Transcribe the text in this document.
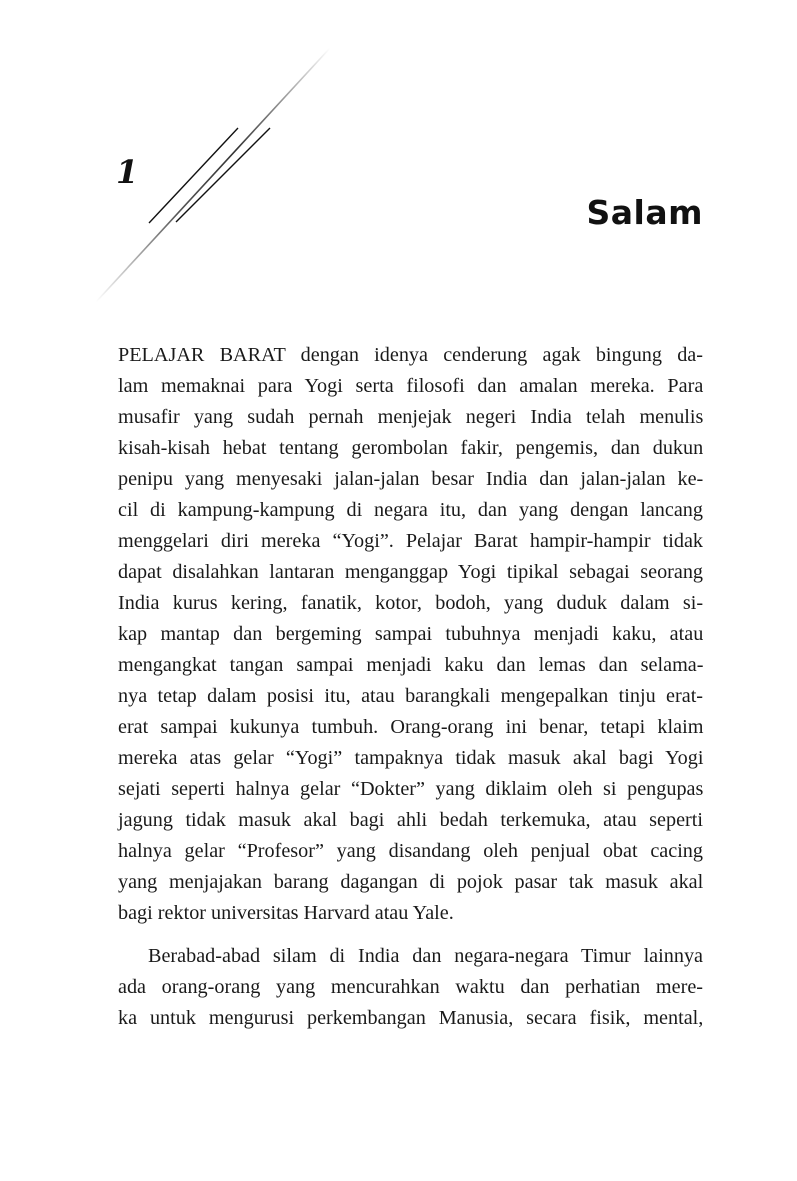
1
Salam
PELAJAR BARAT dengan idenya cenderung agak bingung da-
lam memaknai para Yogi serta filosofi dan amalan mereka. Para
musafir yang sudah pernah menjejak negeri India telah menulis
kisah-kisah hebat tentang gerombolan fakir, pengemis, dan dukun
penipu yang menyesaki jalan-jalan besar India dan jalan-jalan ke-
cil di kampung-kampung di negara itu, dan yang dengan lancang
menggelari diri mereka “Yogi”. Pelajar Barat hampir-hampir tidak
dapat disalahkan lantaran menganggap Yogi tipikal sebagai seorang
India kurus kering, fanatik, kotor, bodoh, yang duduk dalam si-
kap mantap dan bergeming sampai tubuhnya menjadi kaku, atau
mengangkat tangan sampai menjadi kaku dan lemas dan selama-
nya tetap dalam posisi itu, atau barangkali mengepalkan tinju erat-
erat sampai kukunya tumbuh. Orang-orang ini benar, tetapi klaim
mereka atas gelar “Yogi” tampaknya tidak masuk akal bagi Yogi
sejati seperti halnya gelar “Dokter” yang diklaim oleh si pengupas
jagung tidak masuk akal bagi ahli bedah terkemuka, atau seperti
halnya gelar “Profesor” yang disandang oleh penjual obat cacing
yang menjajakan barang dagangan di pojok pasar tak masuk akal
bagi rektor universitas Harvard atau Yale.
Berabad-abad silam di India dan negara-negara Timur lainnya
ada orang-orang yang mencurahkan waktu dan perhatian mere-
ka untuk mengurusi perkembangan Manusia, secara fisik, mental,
